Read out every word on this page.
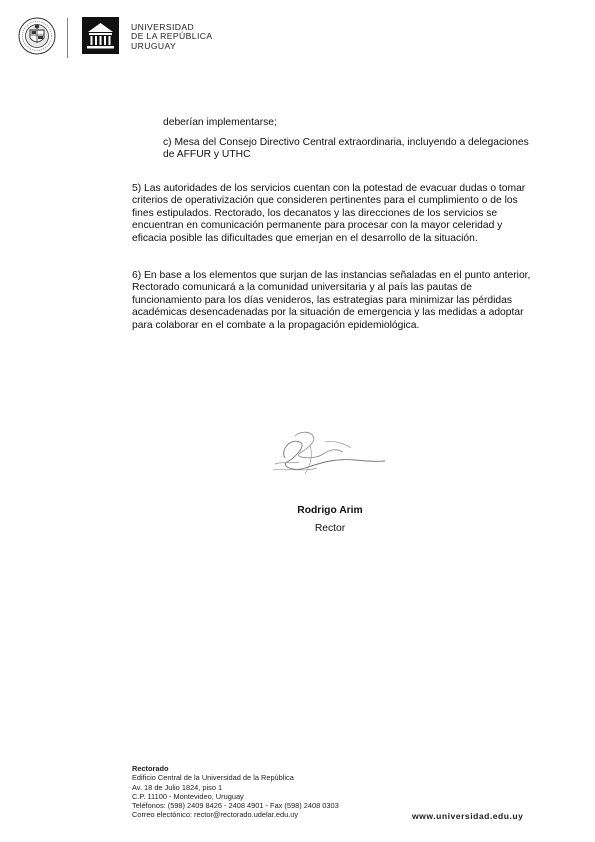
UNIVERSIDAD
DE LA REPÚBLICA
URUGUAY

deberían implementarse;

c) Mesa del Consejo Directivo Central extraordinaria, incluyendo a delegaciones de AFFUR y UTHC

5) Las autoridades de los servicios cuentan con la potestad de evacuar dudas o tomar criterios de operativización que consideren pertinentes para el cumplimiento o de los fines estipulados. Rectorado, los decanatos y las direcciones de los servicios se encuentran en comunicación permanente para procesar con la mayor celeridad y eficacia posible las dificultades que emerjan en el desarrollo de la situación.

6) En base a los elementos que surjan de las instancias señaladas en el punto anterior, Rectorado comunicará a la comunidad universitaria y al país las pautas de funcionamiento para los días venideros, las estrategias para minimizar las pérdidas académicas desencadenadas por la situación de emergencia y las medidas a adoptar para colaborar en el combate a la propagación epidemiológica.

Rodrigo Arim
Rector
Rectorado
Edificio Central de la Universidad de la República
Av. 18 de Julio 1824, piso 1
C.P. 11100 - Montevideo, Uruguay
Teléfonos: (598) 2409 8426 - 2408 4901 - Fax (598) 2408 0303
Correo electónico: rector@rectorado.udelar.edu.uy	www.universidad.edu.uy
